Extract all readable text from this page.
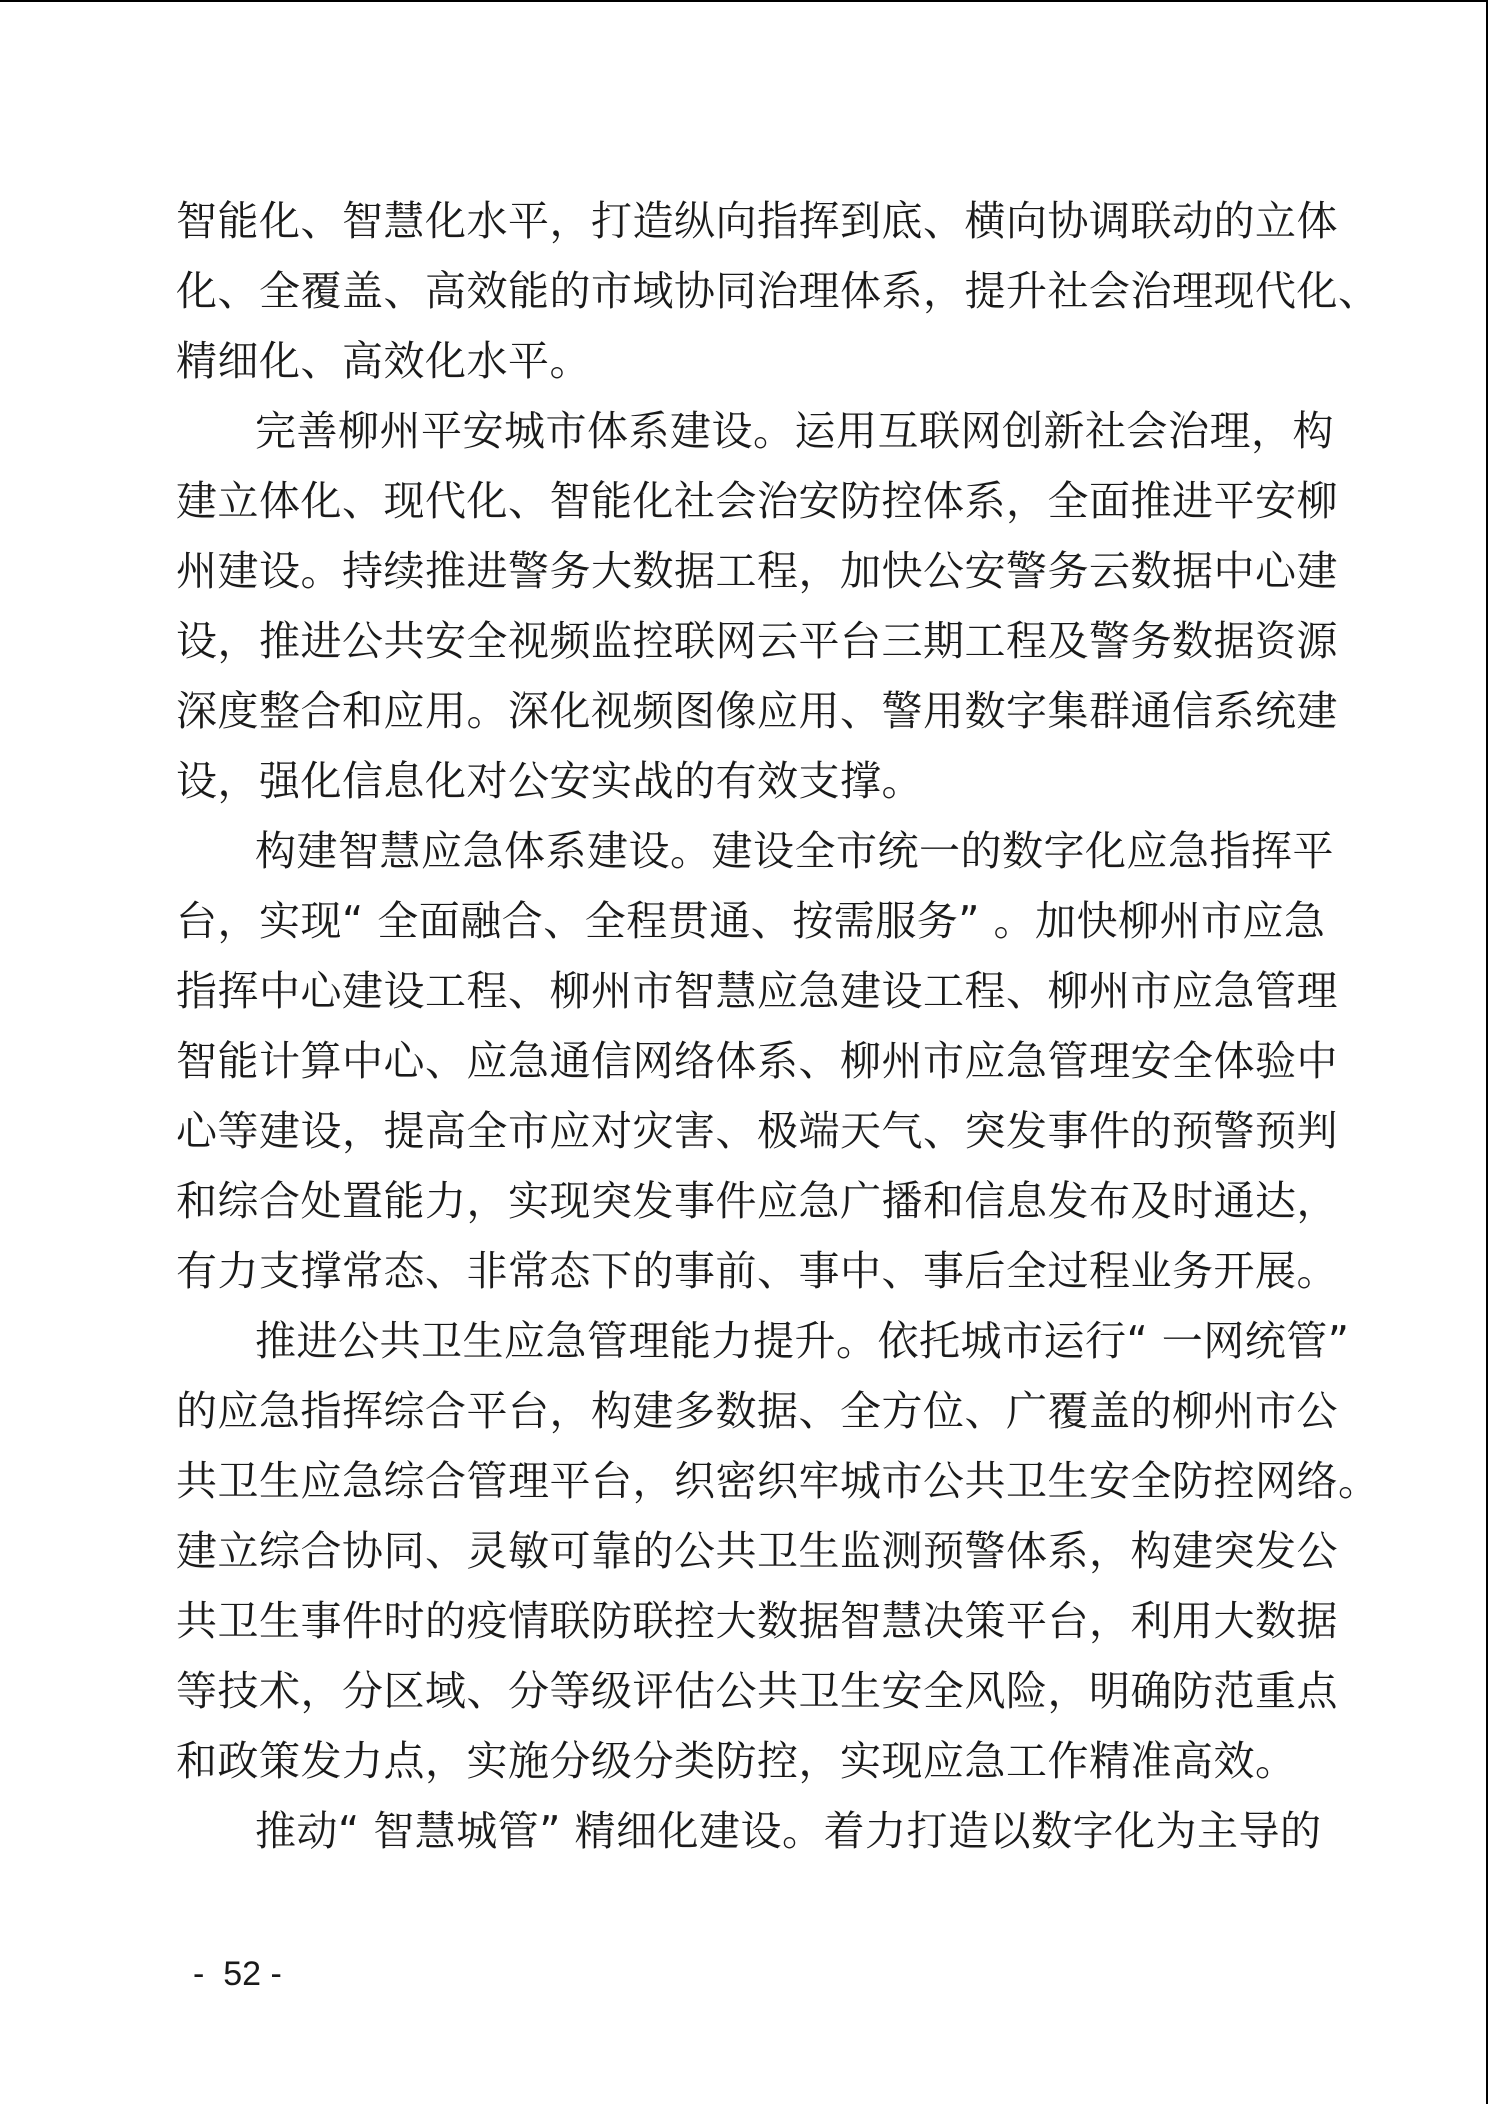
智能化、智慧化水平，打造纵向指挥到底、横向协调联动的立体
化、全覆盖、高效能的市域协同治理体系，提升社会治理现代化、
精细化、高效化水平。
完善柳州平安城市体系建设。运用互联网创新社会治理，构
建立体化、现代化、智能化社会治安防控体系，全面推进平安柳
州建设。持续推进警务大数据工程，加快公安警务云数据中心建
设，推进公共安全视频监控联网云平台三期工程及警务数据资源
深度整合和应用。深化视频图像应用、警用数字集群通信系统建
设，强化信息化对公安实战的有效支撑。
构建智慧应急体系建设。建设全市统一的数字化应急指挥平
台，实现“ 全面融合、全程贯通、按需服务” 。加快柳州市应急
指挥中心建设工程、柳州市智慧应急建设工程、柳州市应急管理
智能计算中心、应急通信网络体系、柳州市应急管理安全体验中
心等建设，提高全市应对灾害、极端天气、突发事件的预警预判
和综合处置能力，实现突发事件应急广播和信息发布及时通达，
有力支撑常态、非常态下的事前、事中、事后全过程业务开展。
推进公共卫生应急管理能力提升。依托城市运行“ 一网统管”
的应急指挥综合平台，构建多数据、全方位、广覆盖的柳州市公
共卫生应急综合管理平台，织密织牢城市公共卫生安全防控网络。
建立综合协同、灵敏可靠的公共卫生监测预警体系，构建突发公
共卫生事件时的疫情联防联控大数据智慧决策平台，利用大数据
等技术，分区域、分等级评估公共卫生安全风险，明确防范重点
和政策发力点，实施分级分类防控，实现应急工作精准高效。
推动“ 智慧城管” 精细化建设。着力打造以数字化为主导的
-  52 -
